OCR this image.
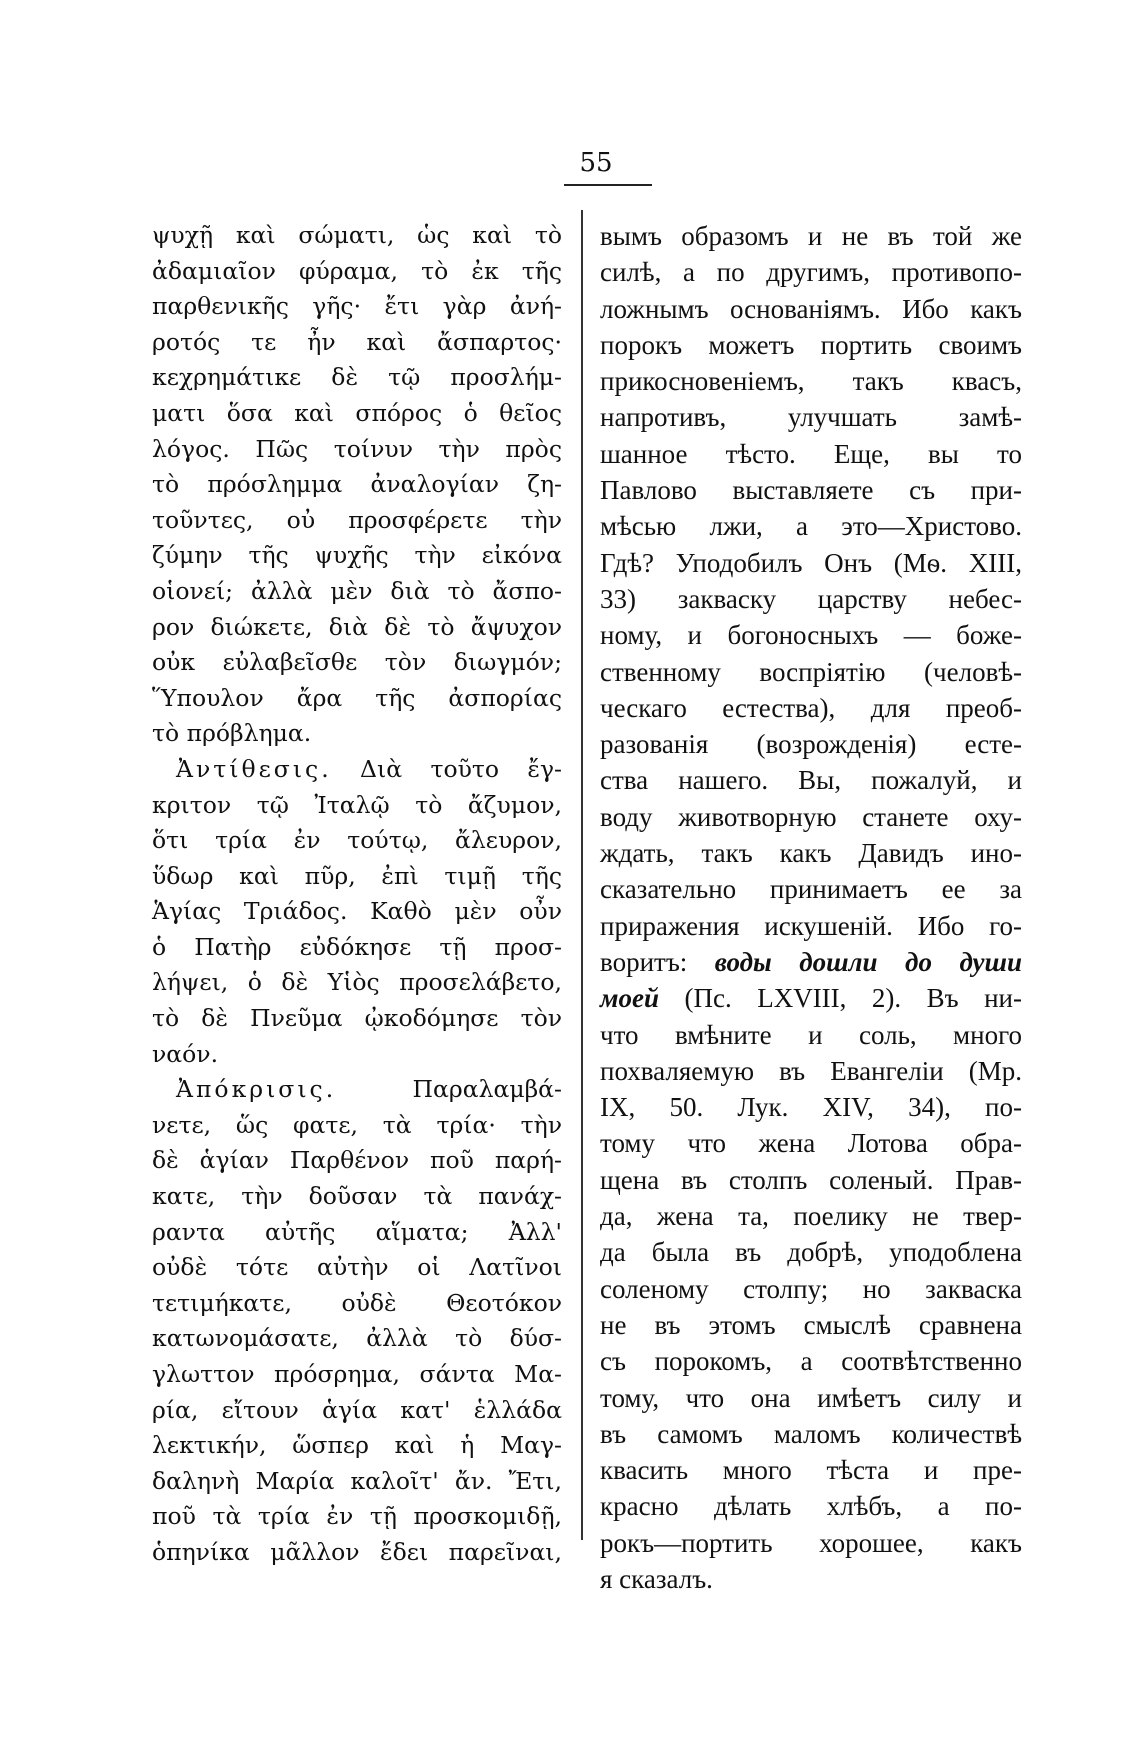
55
ψυχῇ καὶ σώματι, ὡς καὶ τὸ
ἀδαμιαῖον φύραμα, τὸ ἐκ τῆς
παρθενικῆς γῆς· ἔτι γὰρ ἀνή-
ροτός τε ἦν καὶ ἄσπαρτος·
κεχρημάτικε δὲ τῷ προσλήμ-
ματι ὅσα καὶ σπόρος ὁ θεῖος
λόγος. Πῶς τοίνυν τὴν πρὸς
τὸ πρόσλημμα ἀναλογίαν ζη-
τοῦντες, οὐ προσφέρετε τὴν
ζύμην τῆς ψυχῆς τὴν εἰκόνα
οἱονεί; ἀλλὰ μὲν διὰ τὸ ἄσπο-
ρον διώκετε, διὰ δὲ τὸ ἄψυχον
οὐκ εὐλαβεῖσθε τὸν διωγμόν;
Ὕπουλον ἄρα τῆς ἀσπορίας
τὸ πρόβλημα.
Ἀντίθεσις. Διὰ τοῦτο ἔγ-
κριτον τῷ Ἰταλῷ τὸ ἄζυμον,
ὅτι τρία ἐν τούτῳ, ἄλευρον,
ὕδωρ καὶ πῦρ, ἐπὶ τιμῇ τῆς
Ἁγίας Τριάδος. Καθὸ μὲν οὖν
ὁ Πατὴρ εὐδόκησε τῇ προσ-
λήψει, ὁ δὲ Υἱὸς προσελάβετο,
τὸ δὲ Πνεῦμα ᾠκοδόμησε τὸν
ναόν.
Ἀπόκρισις.	Παραλαμβά-
νετε, ὥς φατε, τὰ τρία· τὴν
δὲ ἁγίαν Παρθένον ποῦ παρή-
κατε, τὴν δοῦσαν τὰ πανάχ-
ραντα αὐτῆς αἵματα; Ἀλλ'
οὐδὲ τότε αὐτὴν οἱ Λατῖνοι
τετιμήκατε, οὐδὲ Θεοτόκον
κατωνομάσατε, ἀλλὰ τὸ δύσ-
γλωττον πρόσρημα, σάντα Μα-
ρία, εἴτουν ἁγία κατ' ἑλλάδα
λεκτικήν, ὥσπερ καὶ ἡ Μαγ-
δαληνὴ Μαρία καλοῖτ' ἄν. Ἔτι,
ποῦ τὰ τρία ἐν τῇ προσκομιδῇ,
ὁπηνίκα μᾶλλον ἔδει παρεῖναι,
вымъ образомъ и не въ той же
силѣ, а по другимъ, противопо-
ложнымъ основаніямъ. Ибо какъ
порокъ можетъ портить своимъ
прикосновеніемъ, такъ квасъ,
напротивъ, улучшать замѣ-
шанное тѣсто. Еще, вы то
Павлово выставляете съ при-
мѣсью лжи, а это—Христово.
Гдѣ? Уподобилъ Онъ (Мѳ. XIII,
33) закваску царству небес-
ному, и богоносныхъ — боже-
ственному воспріятію (человѣ-
ческаго естества), для преоб-
разованія (возрожденія) есте-
ства нашего. Вы, пожалуй, и
воду животворную станете оху-
ждать, такъ какъ Давидъ ино-
сказательно принимаетъ ее за
приражения искушеній. Ибо го-
воритъ: воды дошли до души
моей (Пс. LXVIII, 2). Въ ни-
что вмѣните и соль, много
похваляемую въ Евангеліи (Мр.
IX, 50. Лук. XIV, 34), по-
тому что жена Лотова обра-
щена въ столпъ соленый. Прав-
да, жена та, поелику не твер-
да была въ добрѣ, уподоблена
соленому столпу; но закваска
не въ этомъ смыслѣ сравнена
съ порокомъ, а соотвѣтственно
тому, что она имѣетъ силу и
въ самомъ маломъ количествѣ
квасить много тѣста и пре-
красно дѣлать хлѣбъ, а по-
рокъ—портить хорошее, какъ
я сказалъ.
